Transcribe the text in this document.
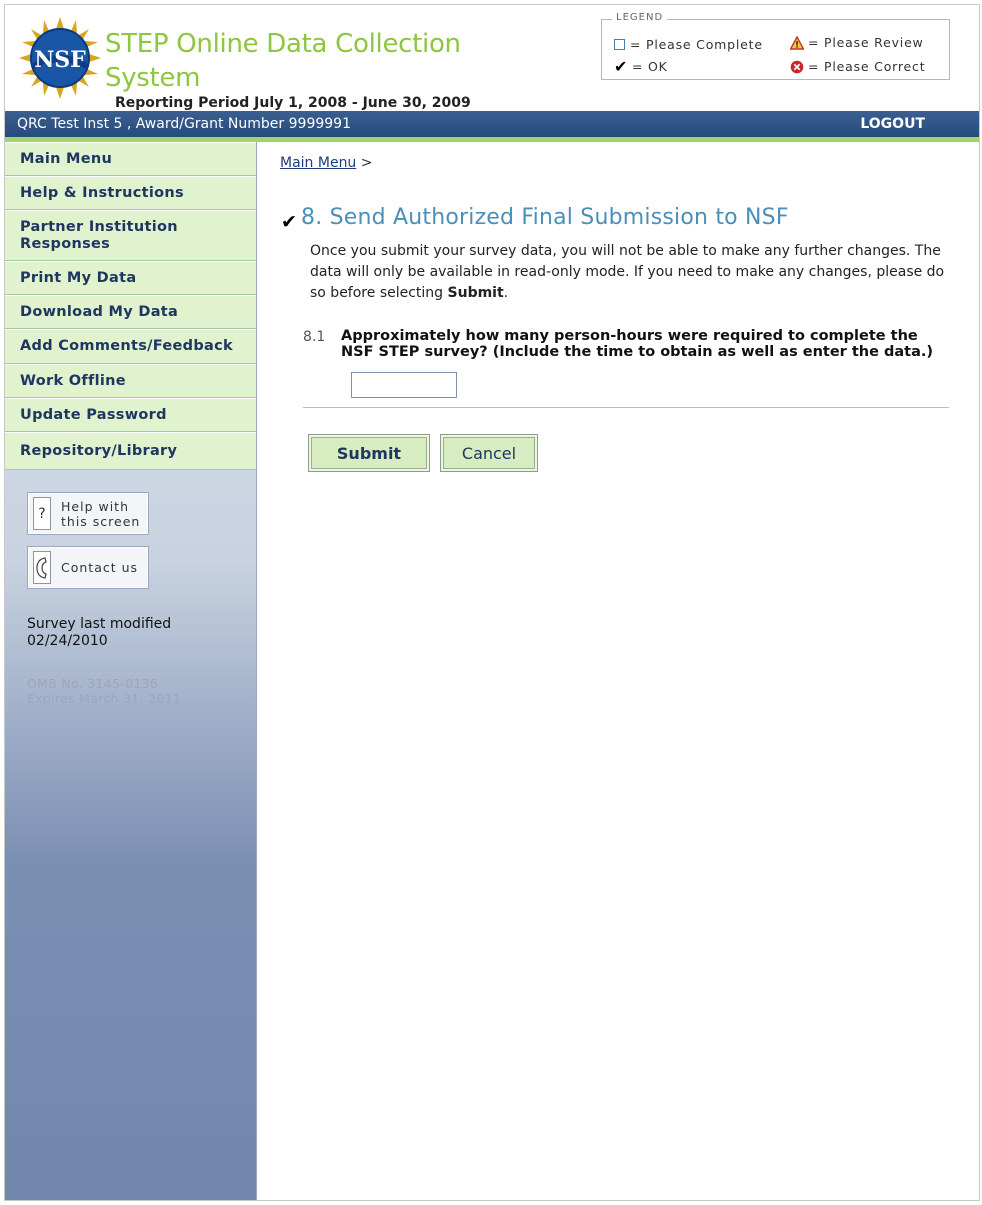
NSF
STEP Online Data Collection System
Reporting Period July 1, 2008 - June 30, 2009
LEGEND
= Please Complete	= Please Review
✔ = OK	= Please Correct
QRC Test Inst 5 , Award/Grant Number 9999991	LOGOUT
Main Menu
Help & Instructions
Partner Institution Responses
Print My Data
Download My Data
Add Comments/Feedback
Work Offline
Update Password
Repository/Library
?	Help with
this screen
Contact us
Survey last modified
02/24/2010
OMB No. 3145-0136
Expires March 31, 2011
Main Menu >
✔ 8. Send Authorized Final Submission to NSF

Once you submit your survey data, you will not be able to make any further changes. The data will only be available in read-only mode. If you need to make any changes, please do so before selecting Submit.

8.1 Approximately how many person-hours were required to complete the NSF STEP survey? (Include the time to obtain as well as enter the data.)

Submit	Cancel
